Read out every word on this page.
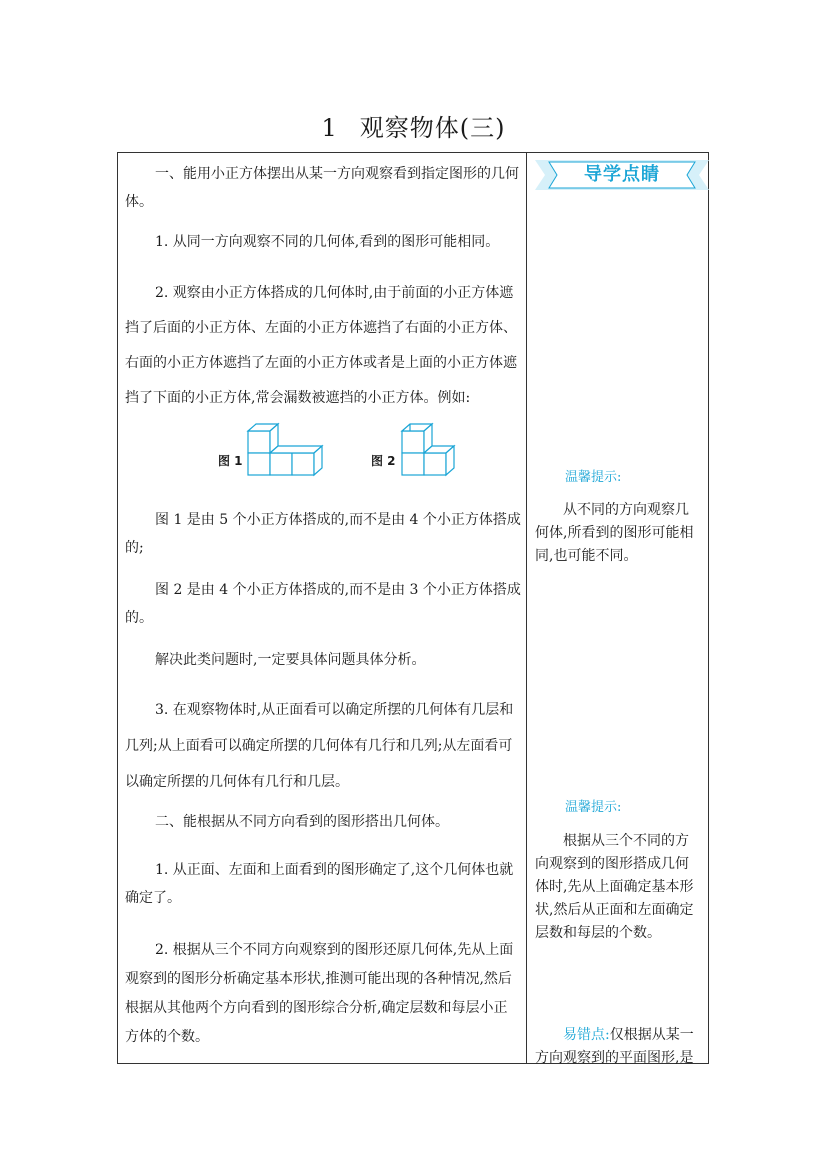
1 观察物体(三)
一、能用小正方体摆出从某一方向观察看到指定图形的几何体。
1. 从同一方向观察不同的几何体,看到的图形可能相同。
2. 观察由小正方体搭成的几何体时,由于前面的小正方体遮挡了后面的小正方体、左面的小正方体遮挡了右面的小正方体、右面的小正方体遮挡了左面的小正方体或者是上面的小正方体遮挡了下面的小正方体,常会漏数被遮挡的小正方体。例如:
图 1 是由 5 个小正方体搭成的,而不是由 4 个小正方体搭成的;
图 2 是由 4 个小正方体搭成的,而不是由 3 个小正方体搭成的。
解决此类问题时,一定要具体问题具体分析。
3. 在观察物体时,从正面看可以确定所摆的几何体有几层和几列;从上面看可以确定所摆的几何体有几行和几列;从左面看可以确定所摆的几何体有几行和几层。
二、能根据从不同方向看到的图形搭出几何体。
1. 从正面、左面和上面看到的图形确定了,这个几何体也就确定了。
2. 根据从三个不同方向观察到的图形还原几何体,先从上面观察到的图形分析确定基本形状,推测可能出现的各种情况,然后根据从其他两个方向看到的图形综合分析,确定层数和每层小正方体的个数。
图 1	图 2
导学点睛
温馨提示:
从不同的方向观察几何体,所看到的图形可能相同,也可能不同。
温馨提示:
根据从三个不同的方向观察到的图形搭成几何体时,先从上面确定基本形状,然后从正面和左面确定层数和每层的个数。
易错点:仅根据从某一方向观察到的平面图形,是
